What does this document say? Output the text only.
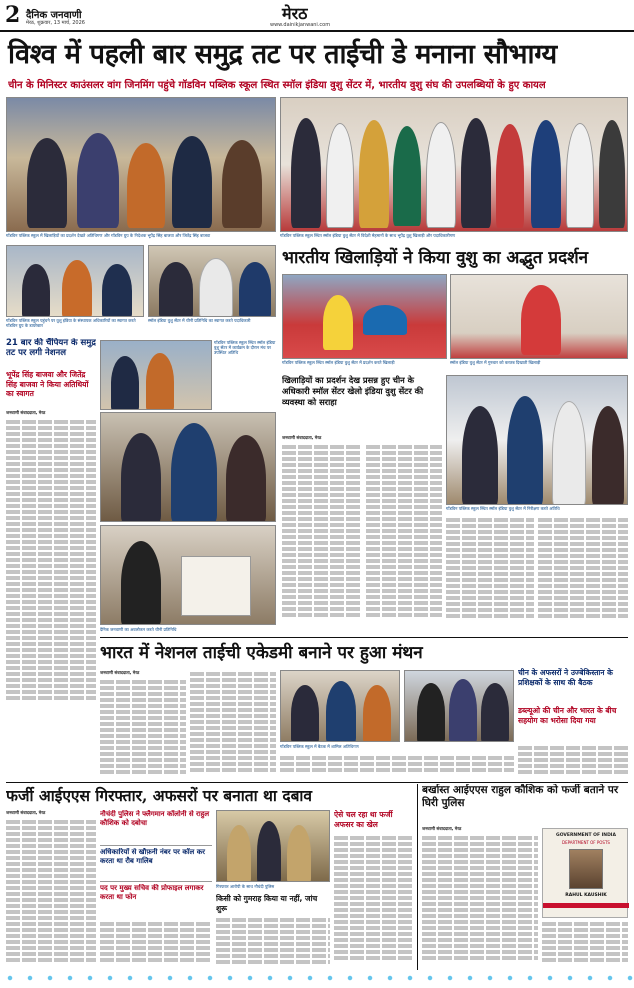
2 दैनिक जनवाणी
मेरठ, शुक्रवार, 13 मार्च, 2026	मेरठ
www.dainikjanwani.com
विश्व में पहली बार समुद्र तट पर ताईची डे मनाना सौभाग्य
चीन के मिनिस्टर काउंसलर वांग जिनमिंग पहुंचे गॉडविन पब्लिक स्कूल स्थित स्मॉल इंडिया वुशु सेंटर में, भारतीय वुशु संघ की उपलब्धियों के हुए कायल
गॉडविन पब्लिक स्कूल में खिलाड़ियों का प्रदर्शन देखते अतिथिगण और गॉडविन ग्रुप के निदेशक भूपेंद्र सिंह बाजवा और जितेंद्र सिंह बाजवा	गॉडविन पब्लिक स्कूल स्थित स्मॉल इंडिया वुशु सेंटर में विदेशी मेहमानों के साथ भूपेंद्र वुशु खिलाड़ी और पदाधिकारीगण
गॉडविन पब्लिक स्कूल पहुंचने पर वुशु इंडिया के संस्थापक अधिकारियों का स्वागत करते गॉडविन ग्रुप के डायरेक्टर
स्मॉल इंडिया वुशु सेंटर में चीनी प्रतिनिधि का स्वागत करते पदाधिकारी
भारतीय खिलाड़ियों ने किया वुशु का अद्भुत प्रदर्शन
गॉडविन पब्लिक स्कूल स्थित स्मॉल इंडिया वुशु सेंटर में प्रदर्शन करते खिलाड़ी	स्मॉल इंडिया वुशु सेंटर में गुरुवार को करतब दिखाती खिलाड़ी
21 बार की चैंपियन के समुद्र तट पर लगी नेशनल
भूपेंद्र सिंह बाजवा और जितेंद्र सिंह बाजवा ने किया अतिथियों का स्वागत
जनवाणी संवाददाता, मेरठ
गॉडविन पब्लिक स्कूल स्थित स्मॉल इंडिया वुशु सेंटर में कार्यक्रम के दौरान मंच पर उपस्थित अतिथि
दैनिक जनवाणी का अवलोकन करते चीनी प्रतिनिधि
खिलाड़ियों का प्रदर्शन देख प्रसन्न हुए चीन के अधिकारी स्मॉल सेंटर खेलो इंडिया वुशु सेंटर की व्यवस्था को सराहा
जनवाणी संवाददाता, मेरठ
गॉडविन पब्लिक स्कूल स्थित स्मॉल इंडिया वुशु सेंटर में निरीक्षण करते अतिथि
भारत में नेशनल ताईची एकेडमी बनाने पर हुआ मंथन
जनवाणी संवाददाता, मेरठ
गॉडविन पब्लिक स्कूल में बैठक में शामिल अतिथिगण
चीन के अफसरों ने उज्बेकिस्तान के प्रशिक्षकों के साथ की बैठक
डब्ल्यूओ की चीन और भारत के बीच सहयोग का भरोसा दिया गया
फर्जी आईएएस गिरफ्तार, अफसरों पर बनाता था दबाव
जनवाणी संवाददाता, मेरठ	नौचंदी पुलिस ने फ्लैगमान कॉलोनी से राहुल कौशिक को दबोचा
अधिकारियों से खौफ़नी नंबर पर कॉल कर करता था रौब गालिब
पद पर मुख्य सचिव की प्रोफाइल लगाकर करता था फोन
गिरफ्तार आरोपी के साथ नौचंदी पुलिस
किसी को गुमराह किया या नहीं, जांच शुरू
ऐसे चल रहा था फर्जी अफसर का खेल
बर्खास्त आईएएस राहुल कौशिक को फर्जी बताने पर घिरी पुलिस
जनवाणी संवाददाता, मेरठ
GOVERNMENT OF INDIA
DEPARTMENT OF POSTS
RAHUL KAUSHIK
